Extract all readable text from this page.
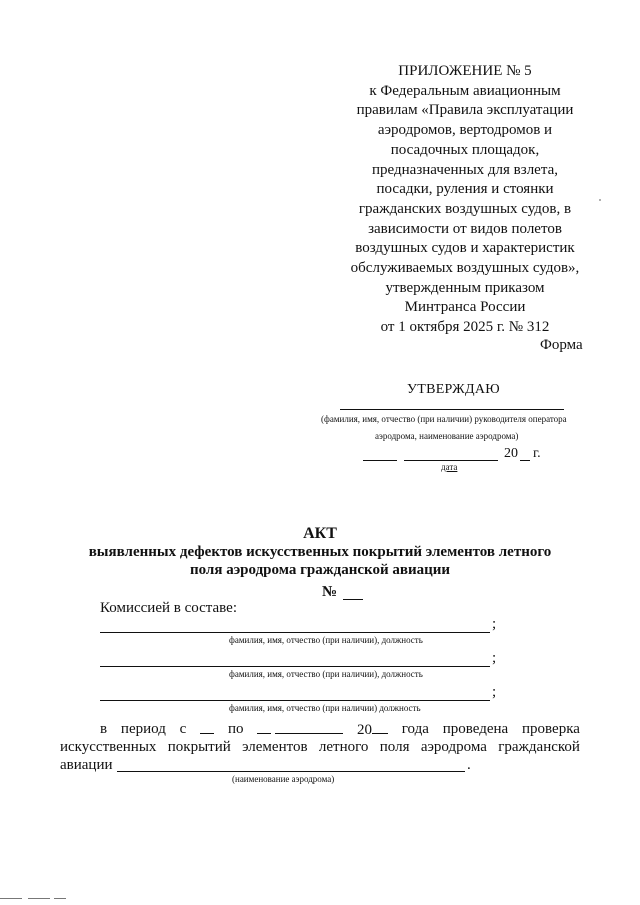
ПРИЛОЖЕНИЕ № 5
к Федеральным авиационным
правилам «Правила эксплуатации
аэродромов, вертодромов и
посадочных площадок,
предназначенных для взлета,
посадки, руления и стоянки
гражданских воздушных судов, в
зависимости от видов полетов
воздушных судов и характеристик
обслуживаемых воздушных судов»,
утвержденным приказом
Минтранса России
от 1 октября 2025 г. № 312
Форма
УТВЕРЖДАЮ
(фамилия, имя, отчество (при наличии) руководителя оператора
аэродрома, наименование аэродрома)
20 г.
дата
АКТ
выявленных дефектов искусственных покрытий элементов летного
поля аэродрома гражданской авиации
№
Комиссией в составе:
;
фамилия, имя, отчество (при наличии), должность
;
фамилия, имя, отчество (при наличии), должность
;
фамилия, имя, отчество (при наличии) должность
в период с	по
	20	года проведена проверка
искусственных покрытий элементов летного поля аэродрома гражданской
авиации	.
(наименование аэродрома)
